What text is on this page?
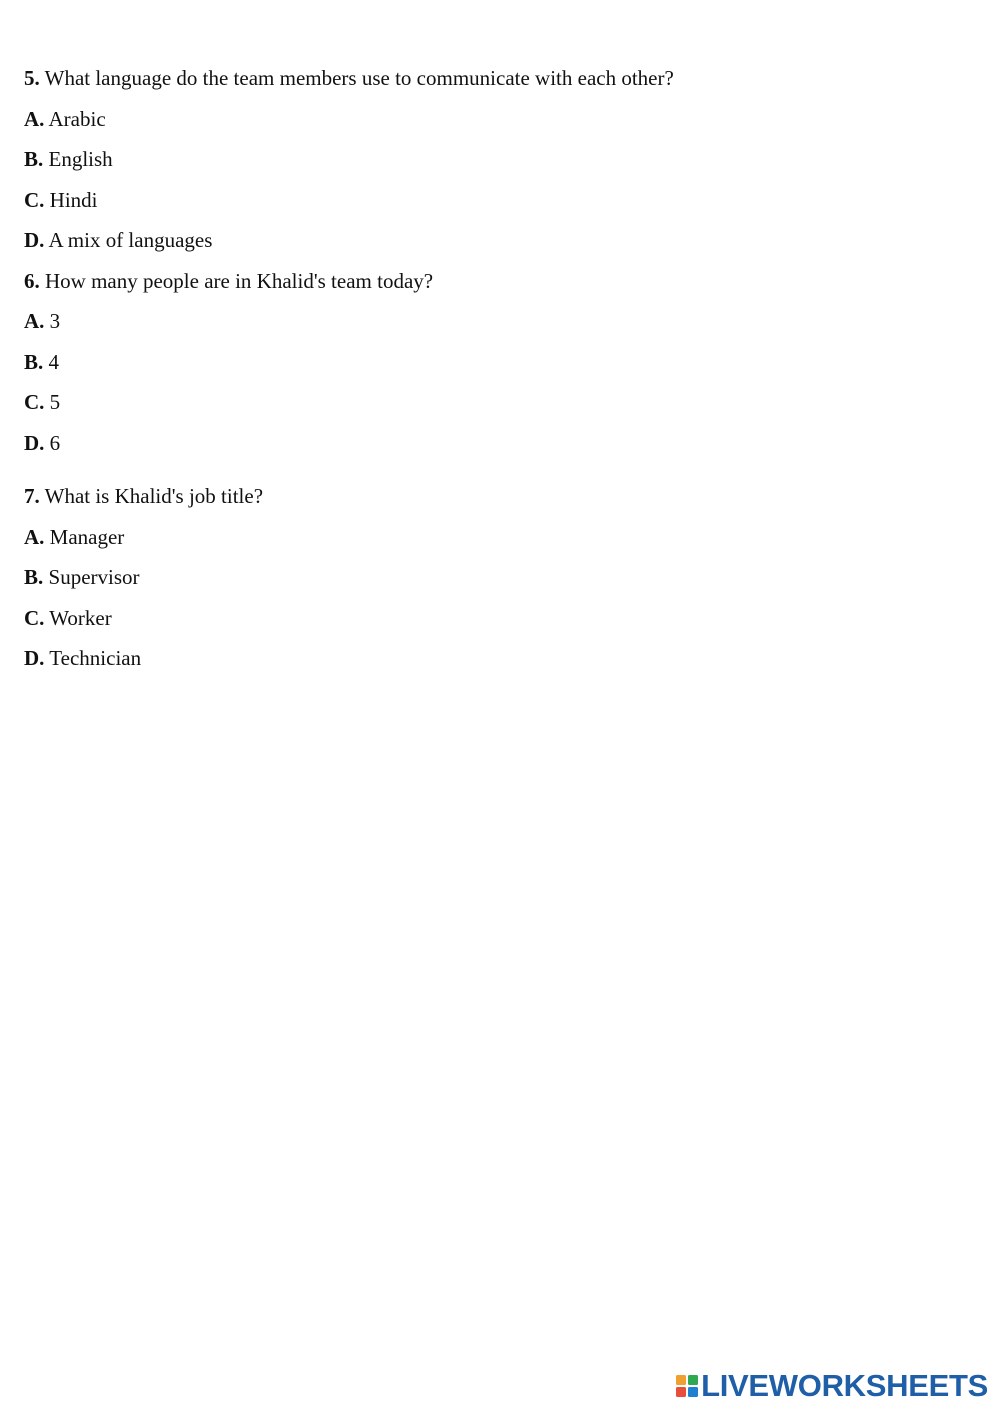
5. What language do the team members use to communicate with each other?
A. Arabic
B. English
C. Hindi
D. A mix of languages
6. How many people are in Khalid's team today?
A. 3
B. 4
C. 5
D. 6
7. What is Khalid's job title?
A. Manager
B. Supervisor
C. Worker
D. Technician
LIVEWORKSHEETS
